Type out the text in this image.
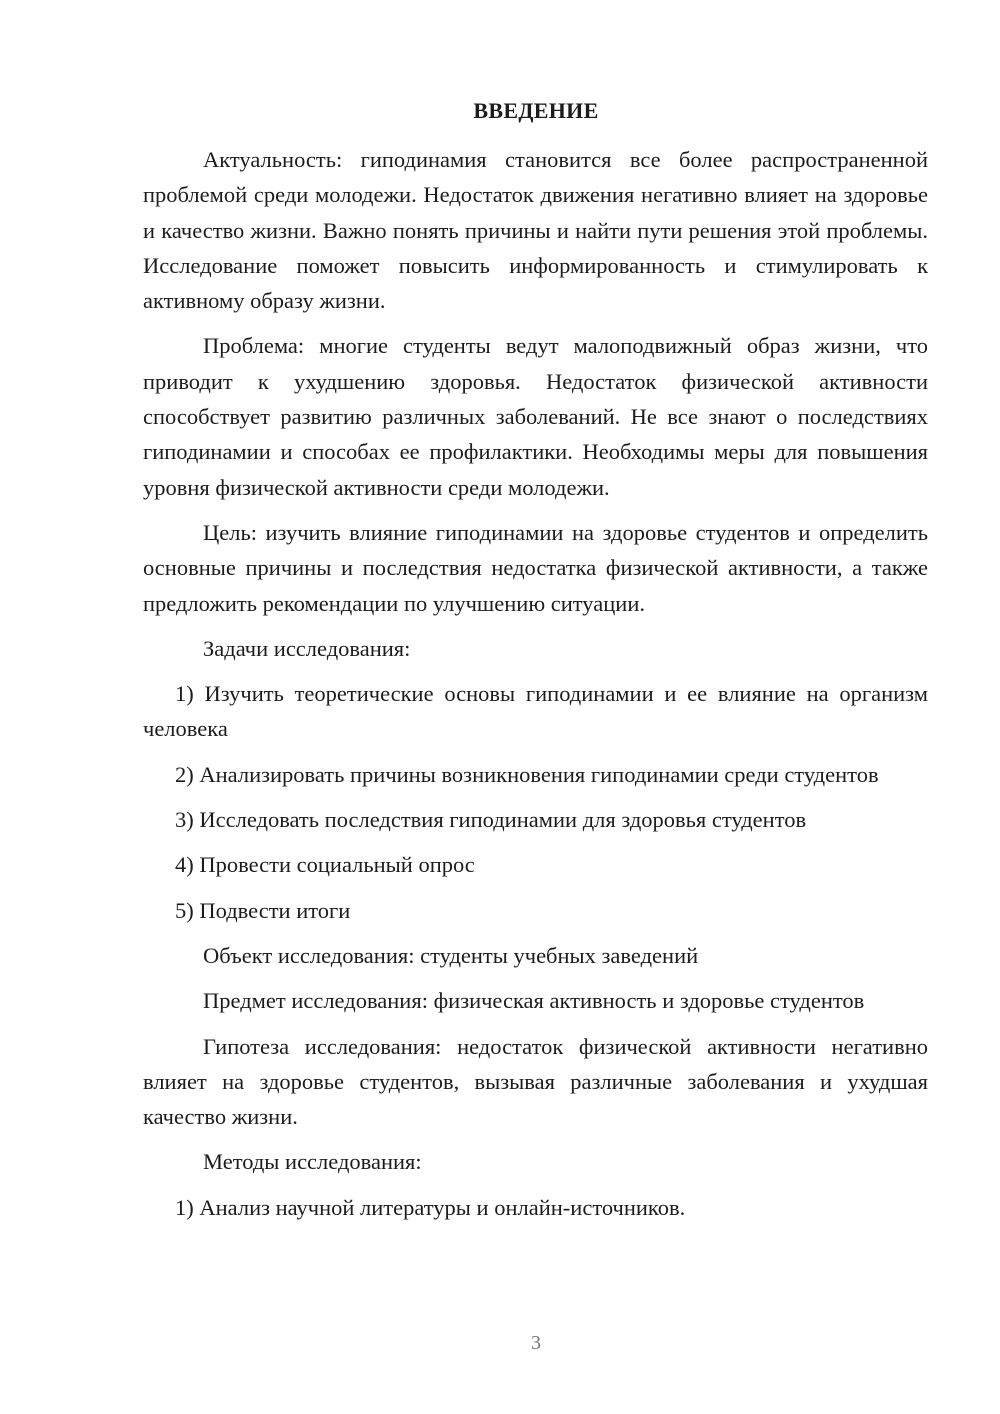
ВВЕДЕНИЕ

Актуальность: гиподинамия становится все более распространенной проблемой среди молодежи. Недостаток движения негативно влияет на здоровье и качество жизни. Важно понять причины и найти пути решения этой проблемы. Исследование поможет повысить информированность и стимулировать к активному образу жизни.

Проблема: многие студенты ведут малоподвижный образ жизни, что приводит к ухудшению здоровья. Недостаток физической активности способствует развитию различных заболеваний. Не все знают о последствиях гиподинамии и способах ее профилактики. Необходимы меры для повышения уровня физической активности среди молодежи.

Цель: изучить влияние гиподинамии на здоровье студентов и определить основные причины и последствия недостатка физической активности, а также предложить рекомендации по улучшению ситуации.

Задачи исследования:

1) Изучить теоретические основы гиподинамии и ее влияние на организм человека

2) Анализировать причины возникновения гиподинамии среди студентов

3) Исследовать последствия гиподинамии для здоровья студентов

4) Провести социальный опрос

5) Подвести итоги

Объект исследования: студенты учебных заведений

Предмет исследования: физическая активность и здоровье студентов

Гипотеза исследования: недостаток физической активности негативно влияет на здоровье студентов, вызывая различные заболевания и ухудшая качество жизни.

Методы исследования:

1) Анализ научной литературы и онлайн-источников.

3
